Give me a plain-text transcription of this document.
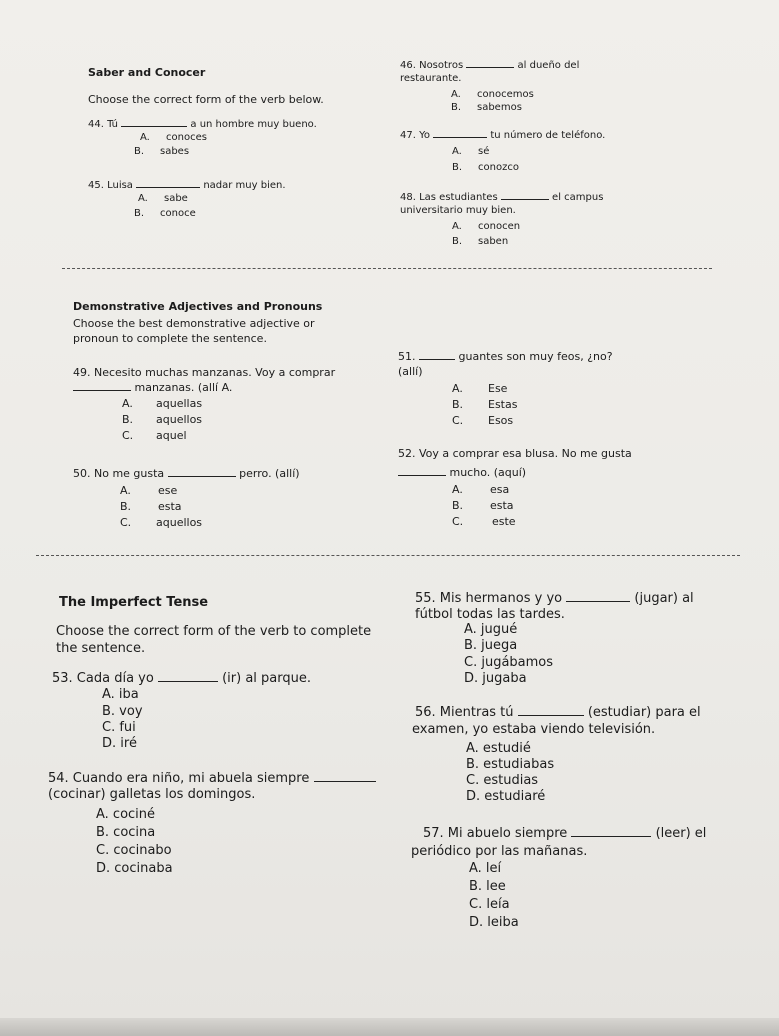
Saber and Conocer
Choose the correct form of the verb below.
44. Tú	a un hombre muy bueno.
A. conoces
B. sabes
45. Luisa	nadar muy bien.
A. sabe
B. conoce
46. Nosotros	al dueño del
restaurante.
A. conocemos
B. sabemos
47. Yo	tu número de teléfono.
A. sé
B. conozco
48. Las estudiantes	el campus
universitario muy bien.
A. conocen
B. saben
Demonstrative Adjectives and Pronouns
Choose the best demonstrative adjective or
pronoun to complete the sentence.
49. Necesito muchas manzanas. Voy a comprar
manzanas. (allí A.
A. aquellas
B. aquellos
C. aquel
50. No me gusta	perro. (allí)
A. ese
B. esta
C. aquellos
51.	guantes son muy feos, ¿no?
(allí)
A. Ese
B. Estas
C. Esos
52. Voy a comprar esa blusa. No me gusta
mucho. (aquí)
A. esa
B. esta
C.	este
The Imperfect Tense
Choose the correct form of the verb to complete
the sentence.
53. Cada día yo	(ir) al parque.
A. iba
B. voy
C. fui
D. iré
54. Cuando era niño, mi abuela siempre
(cocinar) galletas los domingos.
A. cociné
B. cocina
C. cocinabo
D. cocinaba
55. Mis hermanos y yo	(jugar) al
fútbol todas las tardes.
A. jugué
B. juega
C. jugábamos
D. jugaba
56. Mientras tú	(estudiar) para el
examen, yo estaba viendo televisión.
A. estudié
B. estudiabas
C. estudias
D. estudiaré
57. Mi abuelo siempre	(leer) el
periódico por las mañanas.
A. leí
B. lee
C. leía
D. leiba
